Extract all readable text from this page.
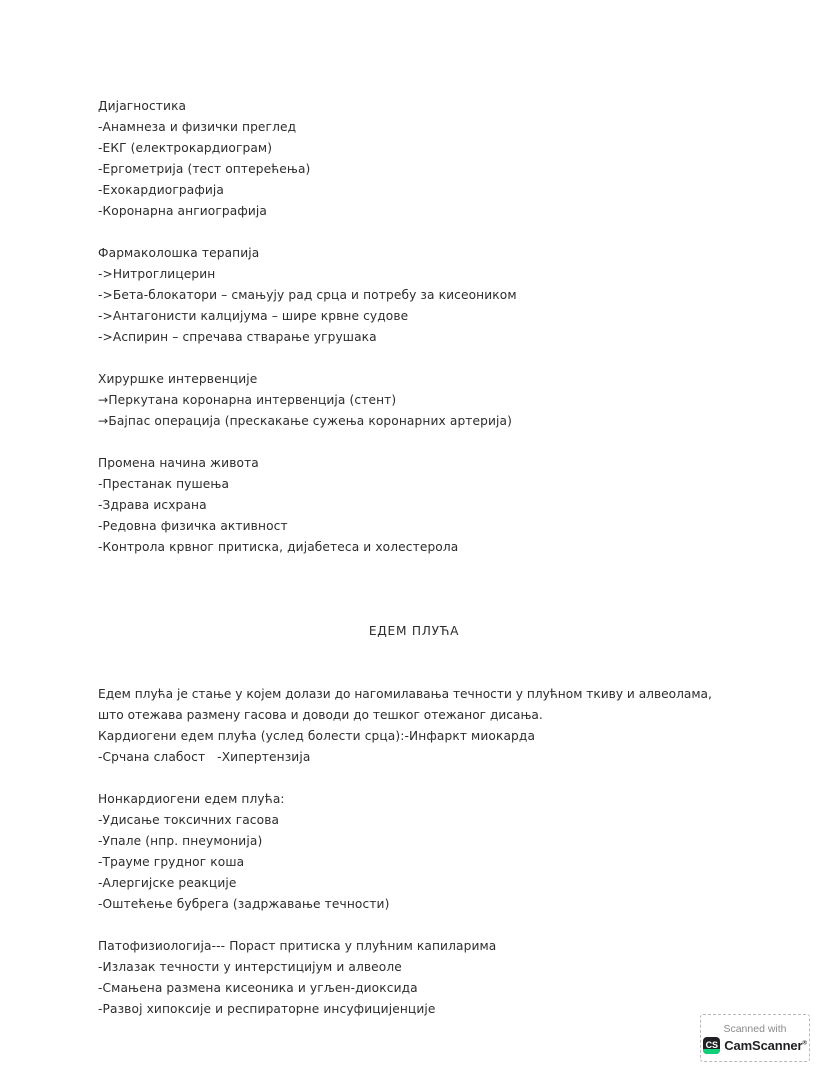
Дијагностика
-Анамнеза и физички преглед
-ЕКГ (електрокардиограм)
-Ергометрија (тест оптерећења)
-Ехокардиографија
-Коронарна ангиографија
Фармаколошка терапија
->Нитроглицерин
->Бета-блокатори – смањују рад срца и потребу за кисеоником
->Антагонисти калцијума – шире крвне судове
->Аспирин – спречава стварање угрушака
Хируршке интервенције
→Перкутана коронарна интервенција (стент)
→Бајпас операција (прескакање сужења коронарних артерија)
Промена начина живота
-Престанак пушења
-Здрава исхрана
-Редовна физичка активност
-Контрола крвног притиска, дијабетеса и холестерола
ЕДЕМ ПЛУЋА

Едем плућа је стање у којем долази до нагомилавања течности у плућном ткиву и алвеолама, што отежава размену гасова и доводи до тешког отежаног дисања.

Кардиогени едем плућа (услед болести срца):-Инфаркт миокарда
-Срчана слабост   -Хипертензија
Нонкардиогени едем плућа:
-Удисање токсичних гасова
-Упале (нпр. пнеумонија)
-Трауме грудног коша
-Алергијске реакције
-Оштећење бубрега (задржавање течности)
Патофизиологија--- Пораст притиска у плућним капиларима
-Излазак течности у интерстицијум и алвеоле
-Смањена размена кисеоника и угљен-диоксида
-Развој хипоксије и респираторне инсуфицијенције
Scanned with
CS CamScanner®
